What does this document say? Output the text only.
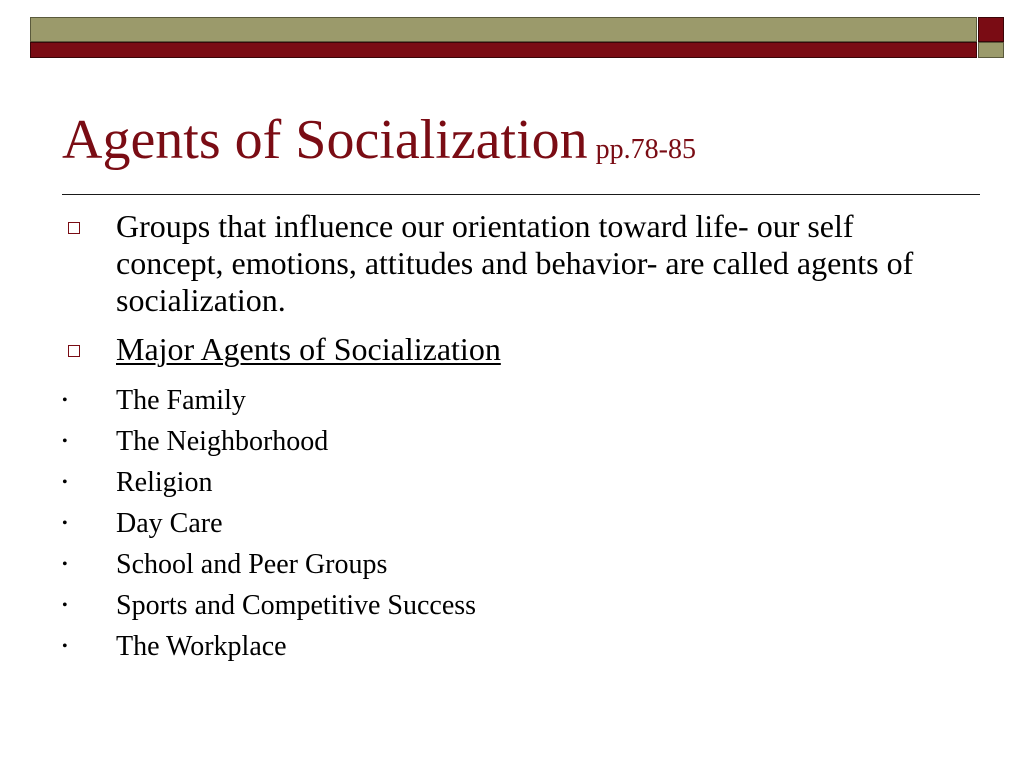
Agents of Socialization pp.78-85
Groups that influence our orientation toward life- our self concept, emotions, attitudes and behavior- are called agents of socialization.
Major Agents of Socialization
• The Family
• The Neighborhood
• Religion
• Day Care
• School and Peer Groups
• Sports and Competitive Success
• The Workplace
